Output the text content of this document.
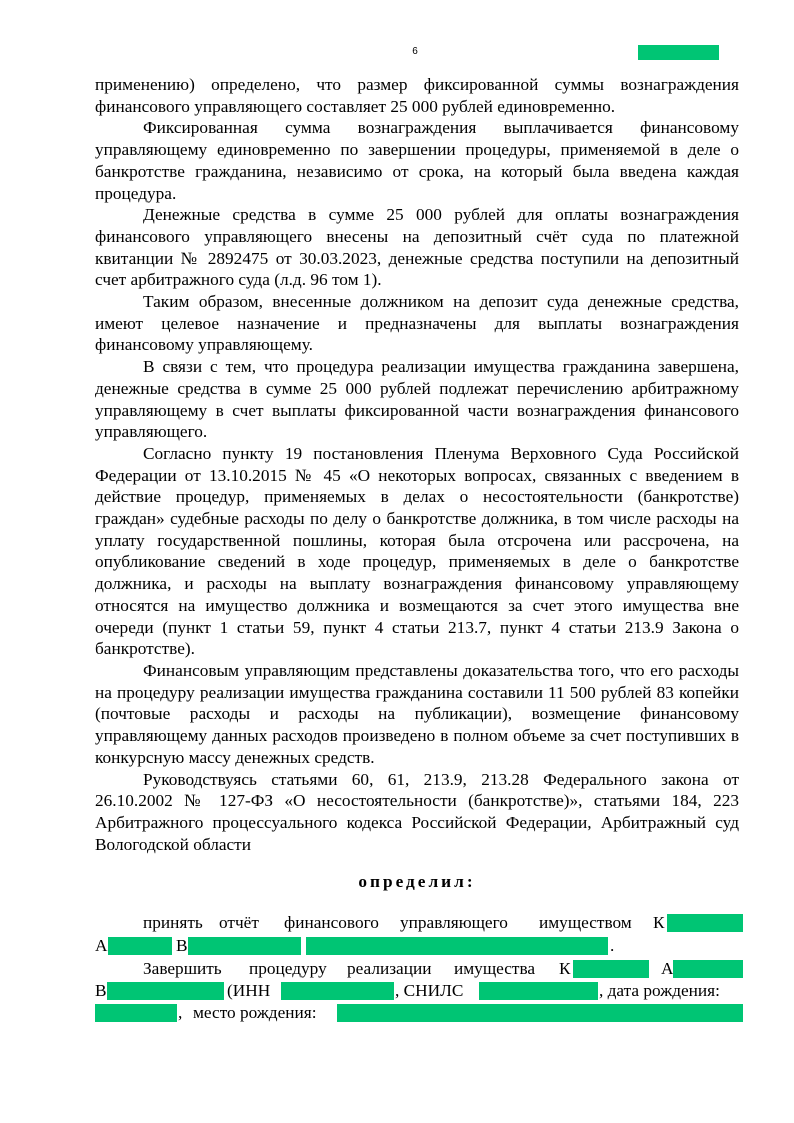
6

применению) определено, что размер фиксированной суммы вознаграждения финансового управляющего составляет 25 000 рублей единовременно.

Фиксированная сумма вознаграждения выплачивается финансовому управляющему единовременно по завершении процедуры, применяемой в деле о банкротстве гражданина, независимо от срока, на который была введена каждая процедура.

Денежные средства в сумме 25 000 рублей для оплаты вознаграждения финансового управляющего внесены на депозитный счёт суда по платежной квитанции № 2892475 от 30.03.2023, денежные средства поступили на депозитный счет арбитражного суда (л.д. 96 том 1).

Таким образом, внесенные должником на депозит суда денежные средства, имеют целевое назначение и предназначены для выплаты вознаграждения финансовому управляющему.

В связи с тем, что процедура реализации имущества гражданина завершена, денежные средства в сумме 25 000 рублей подлежат перечислению арбитражному управляющему в счет выплаты фиксированной части вознаграждения финансового управляющего.

Согласно пункту 19 постановления Пленума Верховного Суда Российской Федерации от 13.10.2015 № 45 «О некоторых вопросах, связанных с введением в действие процедур, применяемых в делах о несостоятельности (банкротстве) граждан» судебные расходы по делу о банкротстве должника, в том числе расходы на уплату государственной пошлины, которая была отсрочена или рассрочена, на опубликование сведений в ходе процедур, применяемых в деле о банкротстве должника, и расходы на выплату вознаграждения финансовому управляющему относятся на имущество должника и возмещаются за счет этого имущества вне очереди (пункт 1 статьи 59, пункт 4 статьи 213.7, пункт 4 статьи 213.9 Закона о банкротстве).

Финансовым управляющим представлены доказательства того, что его расходы на процедуру реализации имущества гражданина составили 11 500 рублей 83 копейки (почтовые расходы и расходы на публикации), возмещение финансовому управляющему данных расходов произведено в полном объеме за счет поступивших в конкурсную массу денежных средств.

Руководствуясь статьями 60, 61, 213.9, 213.28 Федерального закона от 26.10.2002 № 127-ФЗ «О несостоятельности (банкротстве)», статьями 184, 223 Арбитражного процессуального кодекса Российской Федерации, Арбитражный суд Вологодской области

определил:
принять отчёт финансового управляющего имуществом К
А	В	.
Завершить процедуру реализации имущества К	А
В	(ИНН	, СНИЛС	, дата рождения:
, место рождения:
